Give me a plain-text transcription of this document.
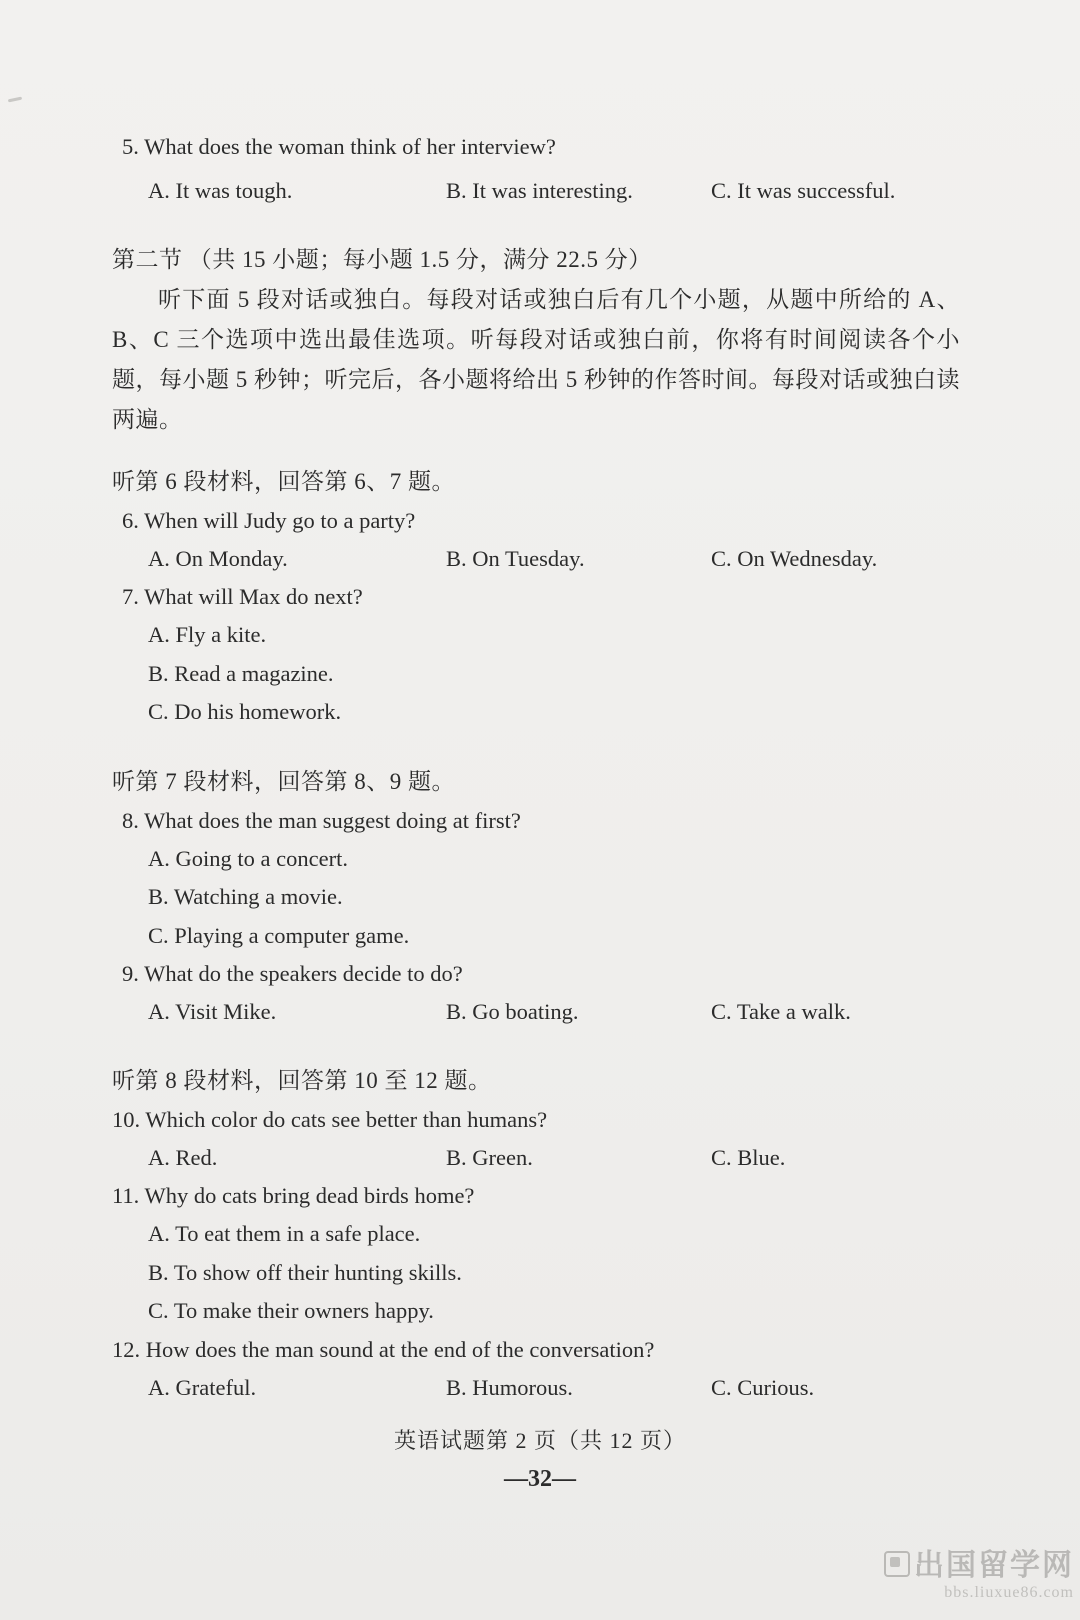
5. What does the woman think of her interview?
A. It was tough.	B. It was interesting.	C. It was successful.
第二节 （共 15 小题；每小题 1.5 分，满分 22.5 分）

听下面 5 段对话或独白。每段对话或独白后有几个小题，从题中所给的 A、B、C 三个选项中选出最佳选项。听每段对话或独白前，你将有时间阅读各个小题，每小题 5 秒钟；听完后，各小题将给出 5 秒钟的作答时间。每段对话或独白读两遍。

听第 6 段材料，回答第 6、7 题。
6. When will Judy go to a party?
A. On Monday.	B. On Tuesday.	C. On Wednesday.
7. What will Max do next?
A. Fly a kite.
B. Read a magazine.
C. Do his homework.
听第 7 段材料，回答第 8、9 题。
8. What does the man suggest doing at first?
A. Going to a concert.
B. Watching a movie.
C. Playing a computer game.
9. What do the speakers decide to do?
A. Visit Mike.	B. Go boating.	C. Take a walk.
听第 8 段材料，回答第 10 至 12 题。
10. Which color do cats see better than humans?
A. Red.	B. Green.	C. Blue.
11. Why do cats bring dead birds home?
A. To eat them in a safe place.
B. To show off their hunting skills.
C. To make their owners happy.
12. How does the man sound at the end of the conversation?
A. Grateful.	B. Humorous.	C. Curious.
英语试题第 2 页（共 12 页）
—32—
出国留学网
bbs.liuxue86.com
